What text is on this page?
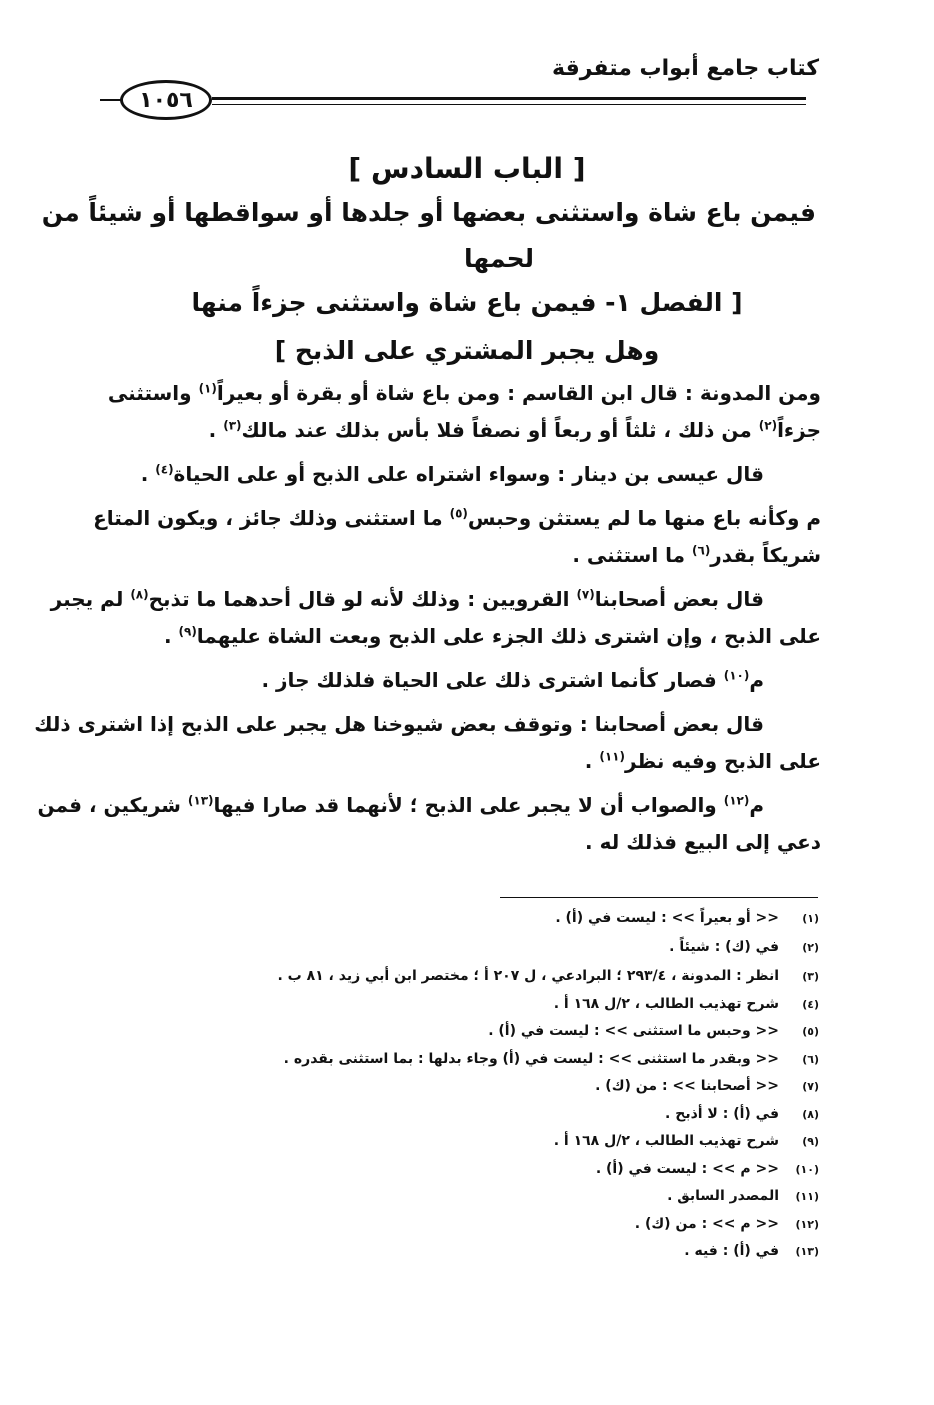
كتاب جامع أبواب متفرقة
١٠٥٦
[ الباب السادس ]
فيمن باع شاة واستثنى بعضها أو جلدها أو سواقطها أو شيئاً من
لحمها
[ الفصل ١- فيمن باع شاة واستثنى جزءاً منها
وهل يجبر المشتري على الذبح ]
ومن المدونة : قال ابن القاسم : ومن باع شاة أو بقرة أو بعيراً$^{(١)}$ واستثنى
جزءاً$^{(٢)}$ من ذلك ، ثلثاً أو ربعاً أو نصفاً فلا بأس بذلك عند مالك$^{(٣)}$ .
قال عيسى بن دينار : وسواء اشتراه على الذبح أو على الحياة$^{(٤)}$ .
م وكأنه باع منها ما لم يستثن وحبس$^{(٥)}$ ما استثنى وذلك جائز ، ويكون المتاع
شريكاً بقدر$^{(٦)}$ ما استثنى .
قال بعض أصحابنا$^{(٧)}$ القرويين : وذلك لأنه لو قال أحدهما ما تذبح$^{(٨)}$ لم يجبر
على الذبح ، وإن اشترى ذلك الجزء على الذبح وبعت الشاة عليهما$^{(٩)}$ .
م$^{(١٠)}$ فصار كأنما اشترى ذلك على الحياة فلذلك جاز .
قال بعض أصحابنا : وتوقف بعض شيوخنا هل يجبر على الذبح إذا اشترى ذلك
على الذبح وفيه نظر$^{(١١)}$ .
م$^{(١٢)}$ والصواب أن لا يجبر على الذبح ؛ لأنهما قد صارا فيها$^{(١٣)}$ شريكين ، فمن
دعي إلى البيع فذلك له .
(١)
<< أو بعيراً >> : ليست في (أ) .
(٢)
في (ك) : شيئاً .
(٣)
انظر : المدونة ، ٢٩٣/٤ ؛ البرادعي ، ل ٢٠٧ أ ؛ مختصر ابن أبي زيد ، ٨١ ب .
(٤)
شرح تهذيب الطالب ، ٢/ل ١٦٨ أ .
(٥)
<< وحبس ما استثنى >> : ليست في (أ) .
(٦)
<< وبقدر ما استثنى >> : ليست في (أ) وجاء بدلها : بما استثنى بقدره .
(٧)
<< أصحابنا >> : من (ك) .
(٨)
في (أ) : لا أذبح .
(٩)
شرح تهذيب الطالب ، ٢/ل ١٦٨ أ .
(١٠)
<< م >> : ليست في (أ) .
(١١)
المصدر السابق .
(١٢)
<< م >> : من (ك) .
(١٣)
في (أ) : فيه .
